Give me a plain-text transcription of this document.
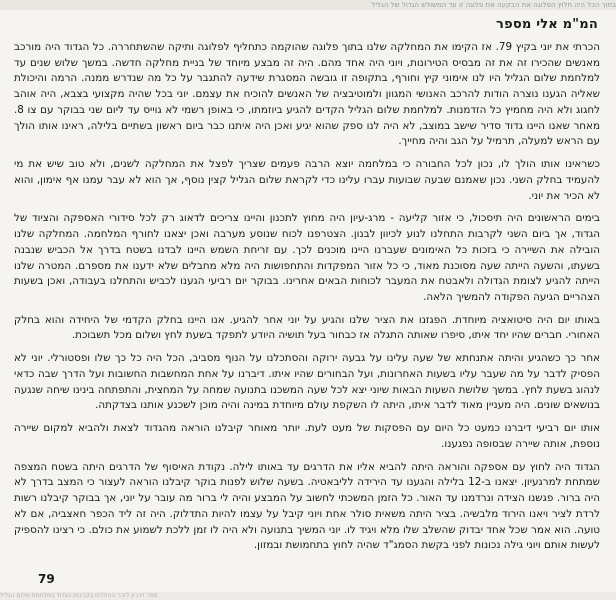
בתוך הכל היה חלוץ הפלוגה את הבקעה את פלוגה זו עד המשולש הגדול של הגליל
המ"מ אלי מספר

הכרתי את יוני בקיץ 79. אז הקימו את המחלקה שלנו בתוך פלוגה שהוקמה כתחליף לפלוגה ותיקה שהשתחררה. כל הגדוד היה מורכב מאנשים שהכירו זה את זה מבסיס הטירונות, ויוני היה אחד מהם. היה זה מבצע מיוחד של בניית מחלקה חדשה. במשך שלוש שנים עד למלחמת שלום הגליל היו לנו אימוני קיץ וחורף, בתקופה זו גובשה המסגרת שידעה להתגבר על כל מה שנדרש ממנה. הרמה והיכולת שאליה הגענו נוצרה הודות להרכב האנושי המגוון ולמוטיבציה של האנשים להוכיח את עצמם. יוני בכל שהיה מקצועי בצבא, היה אוהב לחגוג ולא היה מחמיץ כל הזדמנות. למלחמת שלום הגליל הקדים להגיע ביוזמתו, כי באופן רשמי לא גוייס עד ליום שני בבוקר עם צו 8. מאחר שאנו היינו גדוד סדיר שישב במוצב, לא היה לנו ספק שהוא יגיע ואכן היה איתנו כבר ביום ראשון בשתיים בלילה, ראינו אותו הולך עם הראש למעלה, תרמיל על הגב והיה מחייך.

כשראינו אותו הולך לו, נכון לכל החבורה כי במלחמה יוצא הרבה פעמים שצריך לפצל את המחלקה לשנים, ולא טוב שיש את מי להעמיד בחלק השני. נכון שאמנם שבעה שבועות עברו עלינו כדי לקראת שלום הגליל קצין נוסף, אך הוא לא עבר עמנו אף אימון, והוא לא הכיר את יוני.

בימים הראשונים היה תיסכול, כי אזור קליעה - מרג-עיון היה מחוץ לתכנון והיינו צריכים לדאוג רק לכל סידורי האספקה והציוד של הגדוד, אך ביום השני לקרבות התחלנו לנוע לכיוון לבנון. הצטרפנו לכוח שנוסע מערבה ואכן יצאנו לחורף המלחמה. המחלקה שלנו הובילה את השיירה כי בזכות כל האימונים שעברנו היינו מוכנים לכך. עם זריחת השמש היינו לבדנו בשטח בדרך אל הכביש שנבנה בשעתו, והשעה הייתה שעה מסוכנת מאוד, כי כל אזור המפקדות והתחפושות היה מלא מחבלים שלא ידענו את מספרם. המטרה שלנו הייתה להגיע לצומת הגדולה ולאבטח את המעבר לכוחות הבאים אחרינו. בבוקר יום רביעי הגענו לכביש והתחלנו בעבודה, ואכן בשעות הצהריים הגיעה הפקודה להמשיך הלאה.

באותו יום היה סיטואציה מיוחדת. הפגזנו את הציר שלנו והגיע על יוני אחר להגיע. אנו היינו בחלק הקדמי של היחידה והוא בחלק האחורי. חברים שהיו יחד איתו, סיפרו שאותה התגלה אז כבחור בעל תושיה היודע לתפקד בשעת לחץ ושלום מכל תשבוכת.

אחר כך כשהגיע והיתה אתנחתא של שעה עלינו על גבעה ירוקה והסתכלנו על הנוף מסביב, הכל היה כל כך שלו ופסטורלי. יוני לא הפסיק לדבר על מה שעבר עליו בשעות האחרונות, ועל הבחורים שהיו איתו. דיברנו על אחת המחשבות החשובות ועל הדרך שבה כדאי לנהוג בשעת לחץ. במשך שלושת השעות הבאות שיוני יצא לכל שעה המשכנו בתנועה שמחה על המחצית, והתפתחה בינינו שיחה שנגעה בנושאים שונים. היה מעניין מאוד לדבר איתו, היתה לו השקפת עולם מיוחדת במינה והיה מוכן לשכנע אותנו בצדקתה.

אותו יום רביעי דיברנו כמעט כל היום עם הפסקות של מעט לעת. יותר מאוחר קיבלנו הוראה מהגדוד לצאת ולהביא למקום שיירה נוספת, אותה שיירה שבסופה נפגענו.

הגדוד היה לחוץ עם אספקה והוראה היתה להביא אליו את הדרגים עד באותו לילה. נקודת האיסוף של הדרגים היתה בשטח המצפה שמתחת למרגעיון. יצאנו ב-12 בלילה והגענו עד הירידה לליבאטיה. בשעה שלוש לפנות בוקר קיבלנו הוראה לעצור כי המצב בדרך לא היה ברור. פגשנו הצידה ונרדמנו עד האור. כל הזמן המשכתי לחשוב על המבצע והיה לי ברור מה עובר על יוני, אך בבוקר קיבלנו רשות לרדת לציר ויאנו הירוד מלבשיה. בציר היתה משאית סולר אחת ויוני קיבל על עצמו להיות התדלוק. היה זה ליד הכפר חאצביה, אם לא טועה. הוא אמר שכל אחד יבדוק שהשלב שלו מלא ויגיד לו. יוני המשיך בתנועה ולא היה לו זמן ללכת לשמוע את כולם. כי רצינו להספיק לעשות אותם ויוני גילה נכונות לפני בקשת הסמג"ד שהיה לחוץ בתחמושת ובמזון.

79
ספר זיכרון לזכר הנופלים בקרבות הגדוד במלחמת שלום הגליל
